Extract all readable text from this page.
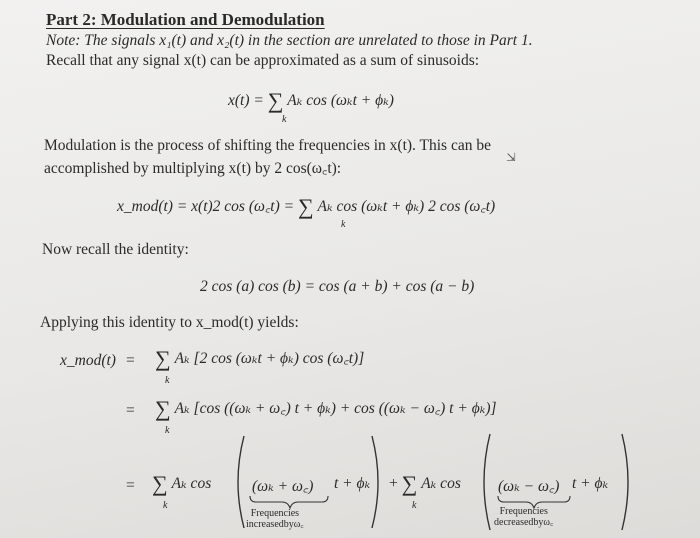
Part 2: Modulation and Demodulation
Note: The signals x₁(t) and x₂(t) in the section are unrelated to those in Part 1.
Recall that any signal x(t) can be approximated as a sum of sinusoids:
x(t) = ∑ Aₖ cos (ωₖt + ϕₖ)
k
Modulation is the process of shifting the frequencies in x(t). This can be
accomplished by multiplying x(t) by 2 cos(ω꜀t):
⇲
x_mod(t) = x(t)2 cos (ω꜀t) = ∑ Aₖ cos (ωₖt + ϕₖ) 2 cos (ω꜀t)
k
Now recall the identity:
2 cos (a) cos (b) = cos (a + b) + cos (a − b)
Applying this identity to x_mod(t) yields:
x_mod(t) = ∑ Aₖ [2 cos (ωₖt + ϕₖ) cos (ω꜀t)]
k
= ∑ Aₖ [cos ((ωₖ + ω꜀) t + ϕₖ) + cos ((ωₖ − ω꜀) t + ϕₖ)]
k
= ∑ Aₖ cos
k
(ωₖ + ω꜀) t + ϕₖ
Frequencies
increasedbyω꜀
+ ∑ Aₖ cos
k
(ωₖ − ω꜀) t + ϕₖ
Frequencies
decreasedbyω꜀
